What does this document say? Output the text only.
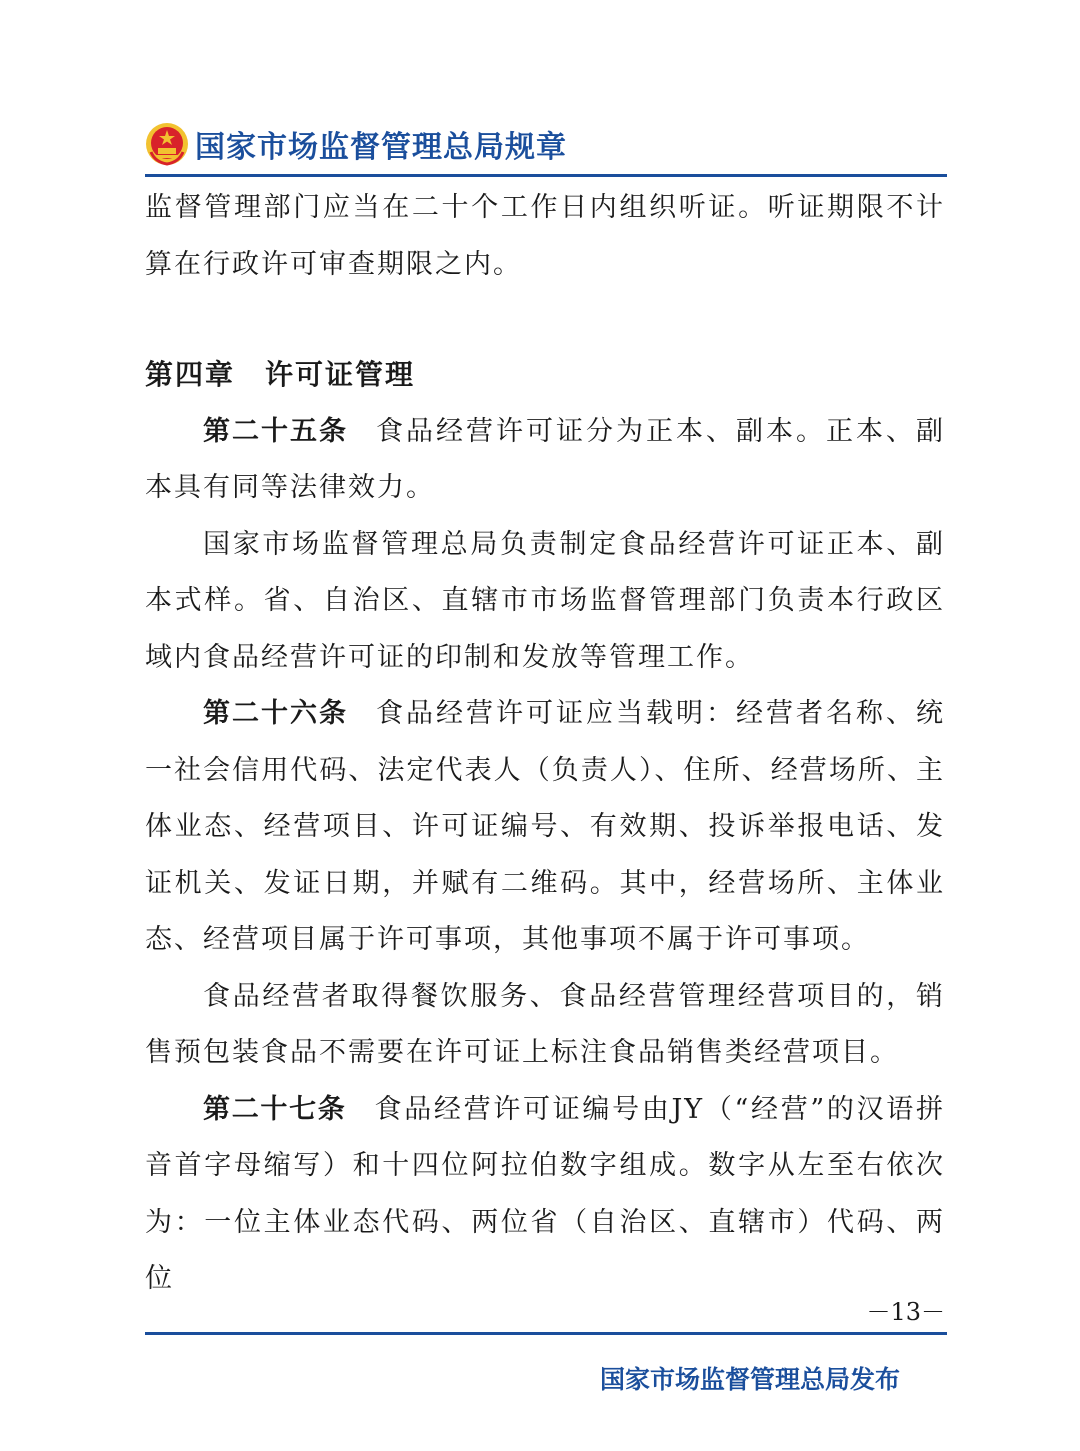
国家市场监督管理总局规章

监督管理部门应当在二十个工作日内组织听证。听证期限不计算在行政许可审查期限之内。

第四章　许可证管理

第二十五条 食品经营许可证分为正本、副本。正本、副本具有同等法律效力。

国家市场监督管理总局负责制定食品经营许可证正本、副本式样。省、自治区、直辖市市场监督管理部门负责本行政区域内食品经营许可证的印制和发放等管理工作。

第二十六条 食品经营许可证应当载明：经营者名称、统一社会信用代码、法定代表人（负责人）、住所、经营场所、主体业态、经营项目、许可证编号、有效期、投诉举报电话、发证机关、发证日期，并赋有二维码。其中，经营场所、主体业态、经营项目属于许可事项，其他事项不属于许可事项。

食品经营者取得餐饮服务、食品经营管理经营项目的，销售预包装食品不需要在许可证上标注食品销售类经营项目。

第二十七条 食品经营许可证编号由JY（“经营”的汉语拼音首字母缩写）和十四位阿拉伯数字组成。数字从左至右依次为：一位主体业态代码、两位省（自治区、直辖市）代码、两位

－13－
国家市场监督管理总局发布
